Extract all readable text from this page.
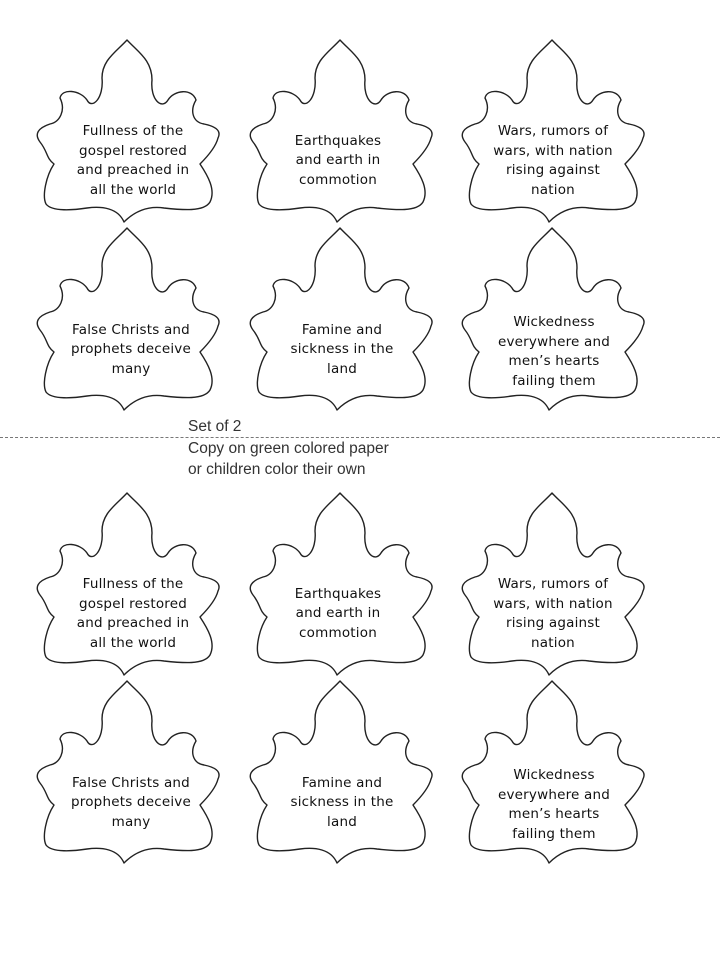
Fullness of the
gospel restored
and preached in
all the world
Earthquakes
and earth in
commotion
Wars, rumors of
wars, with nation
rising against
nation
False Christs and
prophets deceive
many
Famine and
sickness in the
land
Wickedness
everywhere and
men’s hearts
failing them
Fullness of the
gospel restored
and preached in
all the world
Earthquakes
and earth in
commotion
Wars, rumors of
wars, with nation
rising against
nation
False Christs and
prophets deceive
many
Famine and
sickness in the
land
Wickedness
everywhere and
men’s hearts
failing them
Set of 2
Copy on green colored paper
or children color their own
